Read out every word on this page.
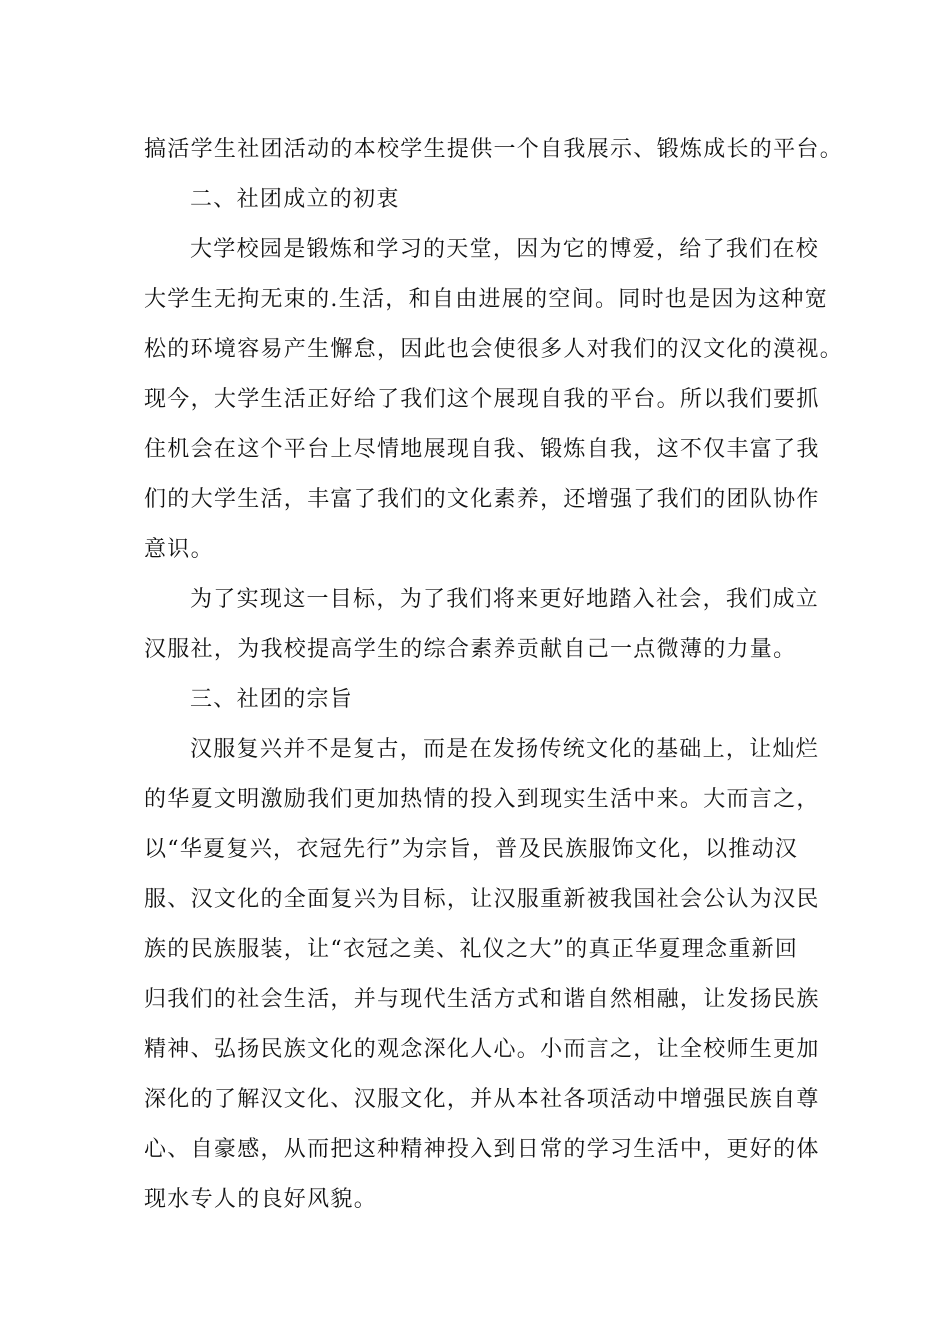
搞活学生社团活动的本校学生提供一个自我展示、锻炼成长的平台。
二、社团成立的初衷
大学校园是锻炼和学习的天堂，因为它的博爱，给了我们在校
大学生无拘无束的.生活，和自由进展的空间。同时也是因为这种宽
松的环境容易产生懈怠，因此也会使很多人对我们的汉文化的漠视。
现今，大学生活正好给了我们这个展现自我的平台。所以我们要抓
住机会在这个平台上尽情地展现自我、锻炼自我，这不仅丰富了我
们的大学生活，丰富了我们的文化素养，还增强了我们的团队协作
意识。
为了实现这一目标，为了我们将来更好地踏入社会，我们成立
汉服社，为我校提高学生的综合素养贡献自己一点微薄的力量。
三、社团的宗旨
汉服复兴并不是复古，而是在发扬传统文化的基础上，让灿烂
的华夏文明激励我们更加热情的投入到现实生活中来。大而言之，
以“华夏复兴，衣冠先行”为宗旨，普及民族服饰文化，以推动汉
服、汉文化的全面复兴为目标，让汉服重新被我国社会公认为汉民
族的民族服装，让“衣冠之美、礼仪之大”的真正华夏理念重新回
归我们的社会生活，并与现代生活方式和谐自然相融，让发扬民族
精神、弘扬民族文化的观念深化人心。小而言之，让全校师生更加
深化的了解汉文化、汉服文化，并从本社各项活动中增强民族自尊
心、自豪感，从而把这种精神投入到日常的学习生活中，更好的体
现水专人的良好风貌。
